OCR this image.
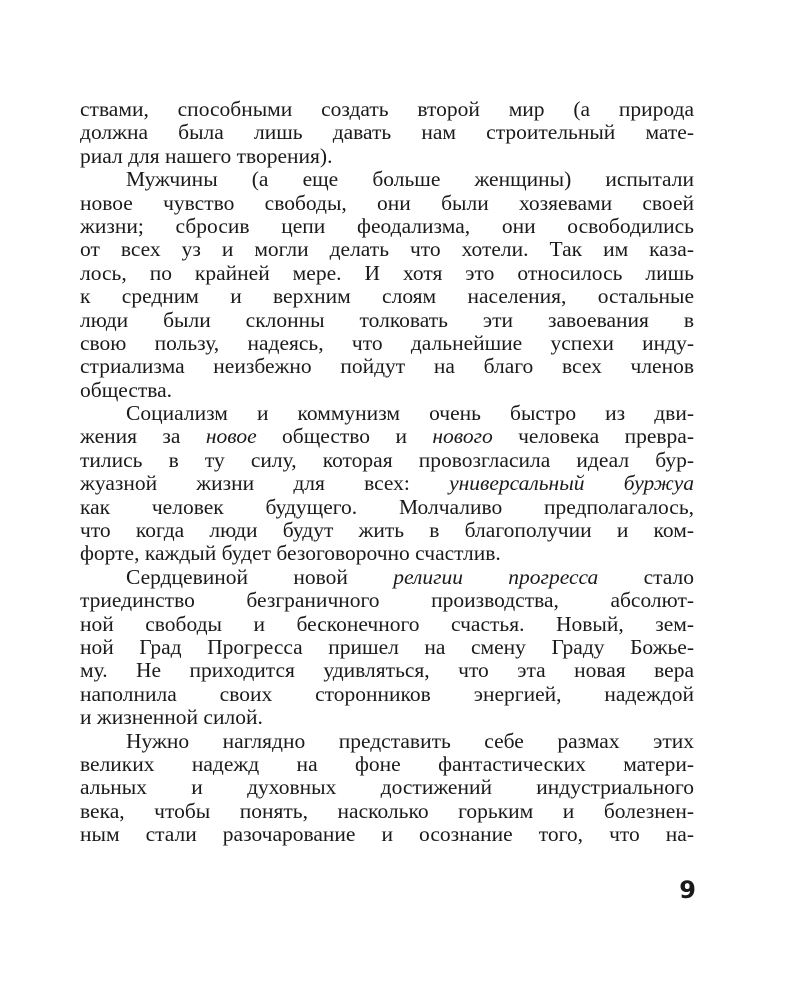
ствами, способными создать второй мир (а природа
должна была лишь давать нам строительный мате-
риал для нашего творения).
Мужчины (а еще больше женщины) испытали
новое чувство свободы, они были хозяевами своей
жизни; сбросив цепи феодализма, они освободились
от всех уз и могли делать что хотели. Так им каза-
лось, по крайней мере. И хотя это относилось лишь
к средним и верхним слоям населения, остальные
люди были склонны толковать эти завоевания в
свою пользу, надеясь, что дальнейшие успехи инду-
стриализма неизбежно пойдут на благо всех членов
общества.
Социализм и коммунизм очень быстро из дви-
жения за новое общество и нового человека превра-
тились в ту силу, которая провозгласила идеал бур-
жуазной жизни для всех: универсальный буржуа
как человек будущего. Молчаливо предполагалось,
что когда люди будут жить в благополучии и ком-
форте, каждый будет безоговорочно счастлив.
Сердцевиной новой религии прогресса стало
триединство безграничного производства, абсолют-
ной свободы и бесконечного счастья. Новый, зем-
ной Град Прогресса пришел на смену Граду Божье-
му. Не приходится удивляться, что эта новая вера
наполнила своих сторонников энергией, надеждой
и жизненной силой.
Нужно наглядно представить себе размах этих
великих надежд на фоне фантастических матери-
альных и духовных достижений индустриального
века, чтобы понять, насколько горьким и болезнен-
ным стали разочарование и осознание того, что на-
9
